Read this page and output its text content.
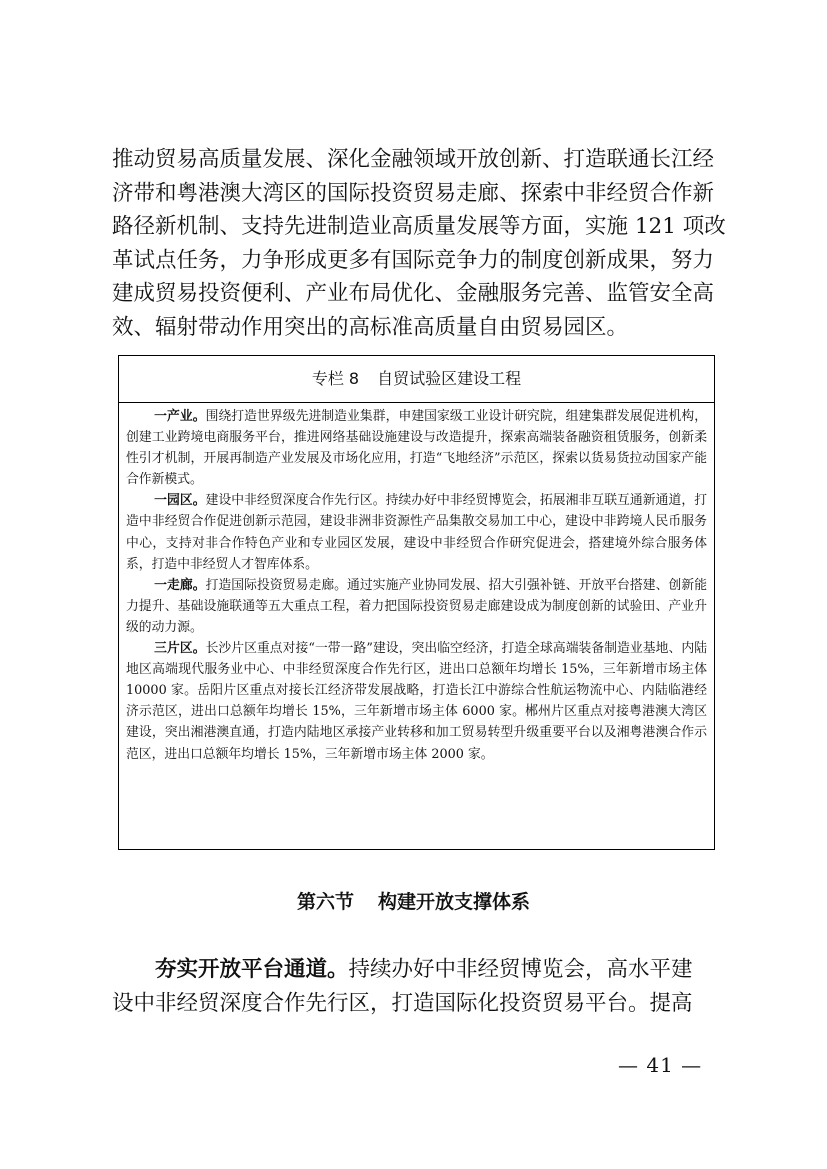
推动贸易高质量发展、深化金融领域开放创新、打造联通长江经
济带和粤港澳大湾区的国际投资贸易走廊、探索中非经贸合作新
路径新机制、支持先进制造业高质量发展等方面，实施 121 项改
革试点任务，力争形成更多有国际竞争力的制度创新成果，努力
建成贸易投资便利、产业布局优化、金融服务完善、监管安全高
效、辐射带动作用突出的高标准高质量自由贸易园区。
专栏 8 自贸试验区建设工程

一产业。围绕打造世界级先进制造业集群，申建国家级工业设计研究院，组建集群发展促进机构，创建工业跨境电商服务平台，推进网络基础设施建设与改造提升，探索高端装备融资租赁服务，创新柔性引才机制，开展再制造产业发展及市场化应用，打造“飞地经济”示范区，探索以货易货拉动国家产能合作新模式。

一园区。建设中非经贸深度合作先行区。持续办好中非经贸博览会，拓展湘非互联互通新通道，打造中非经贸合作促进创新示范园，建设非洲非资源性产品集散交易加工中心，建设中非跨境人民币服务中心，支持对非合作特色产业和专业园区发展，建设中非经贸合作研究促进会，搭建境外综合服务体系，打造中非经贸人才智库体系。

一走廊。打造国际投资贸易走廊。通过实施产业协同发展、招大引强补链、开放平台搭建、创新能力提升、基础设施联通等五大重点工程，着力把国际投资贸易走廊建设成为制度创新的试验田、产业升级的动力源。

三片区。长沙片区重点对接“一带一路”建设，突出临空经济，打造全球高端装备制造业基地、内陆地区高端现代服务业中心、中非经贸深度合作先行区，进出口总额年均增长 15%，三年新增市场主体 10000 家。岳阳片区重点对接长江经济带发展战略，打造长江中游综合性航运物流中心、内陆临港经济示范区，进出口总额年均增长 15%，三年新增市场主体 6000 家。郴州片区重点对接粤港澳大湾区建设，突出湘港澳直通，打造内陆地区承接产业转移和加工贸易转型升级重要平台以及湘粤港澳合作示范区，进出口总额年均增长 15%，三年新增市场主体 2000 家。

第六节 构建开放支撑体系
　　夯实开放平台通道。持续办好中非经贸博览会，高水平建
设中非经贸深度合作先行区，打造国际化投资贸易平台。提高
— 41 —
